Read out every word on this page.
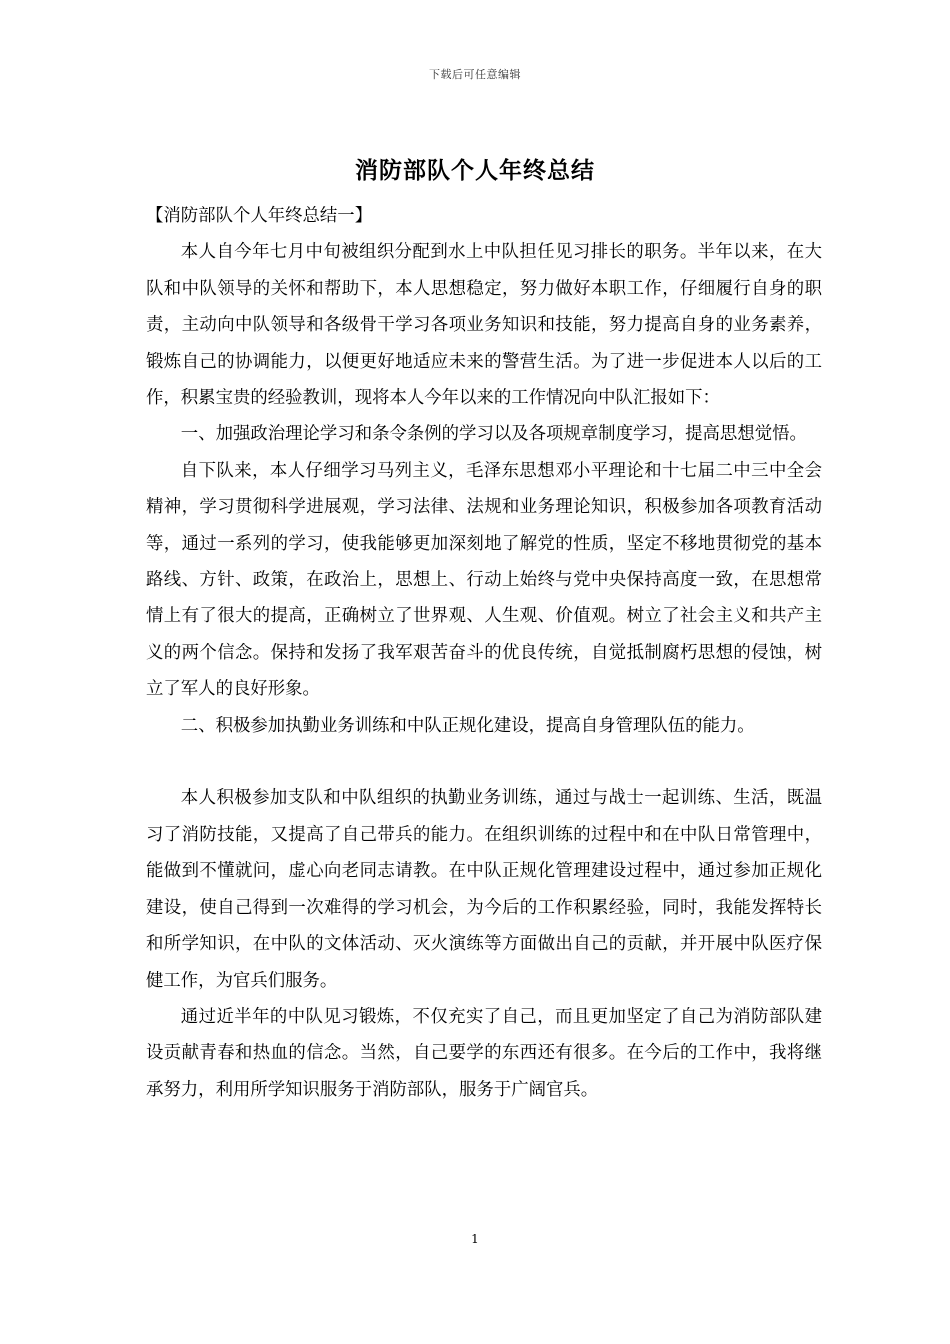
下载后可任意编辑
消防部队个人年终总结

【消防部队个人年终总结一】

本人自今年七月中旬被组织分配到水上中队担任见习排长的职务。半年以来，在大队和中队领导的关怀和帮助下，本人思想稳定，努力做好本职工作，仔细履行自身的职责，主动向中队领导和各级骨干学习各项业务知识和技能，努力提高自身的业务素养，锻炼自己的协调能力，以便更好地适应未来的警营生活。为了进一步促进本人以后的工作，积累宝贵的经验教训，现将本人今年以来的工作情况向中队汇报如下：

一、加强政治理论学习和条令条例的学习以及各项规章制度学习，提高思想觉悟。

自下队来，本人仔细学习马列主义，毛泽东思想邓小平理论和十七届二中三中全会精神，学习贯彻科学进展观，学习法律、法规和业务理论知识，积极参加各项教育活动等，通过一系列的学习，使我能够更加深刻地了解党的性质，坚定不移地贯彻党的基本路线、方针、政策，在政治上，思想上、行动上始终与党中央保持高度一致，在思想常情上有了很大的提高，正确树立了世界观、人生观、价值观。树立了社会主义和共产主义的两个信念。保持和发扬了我军艰苦奋斗的优良传统，自觉抵制腐朽思想的侵蚀，树立了军人的良好形象。

二、积极参加执勤业务训练和中队正规化建设，提高自身管理队伍的能力。

本人积极参加支队和中队组织的执勤业务训练，通过与战士一起训练、生活，既温习了消防技能，又提高了自己带兵的能力。在组织训练的过程中和在中队日常管理中，能做到不懂就问，虚心向老同志请教。在中队正规化管理建设过程中，通过参加正规化建设，使自己得到一次难得的学习机会，为今后的工作积累经验，同时，我能发挥特长和所学知识，在中队的文体活动、灭火演练等方面做出自己的贡献，并开展中队医疗保健工作，为官兵们服务。

通过近半年的中队见习锻炼，不仅充实了自己，而且更加坚定了自己为消防部队建设贡献青春和热血的信念。当然，自己要学的东西还有很多。在今后的工作中，我将继承努力，利用所学知识服务于消防部队，服务于广阔官兵。

1
